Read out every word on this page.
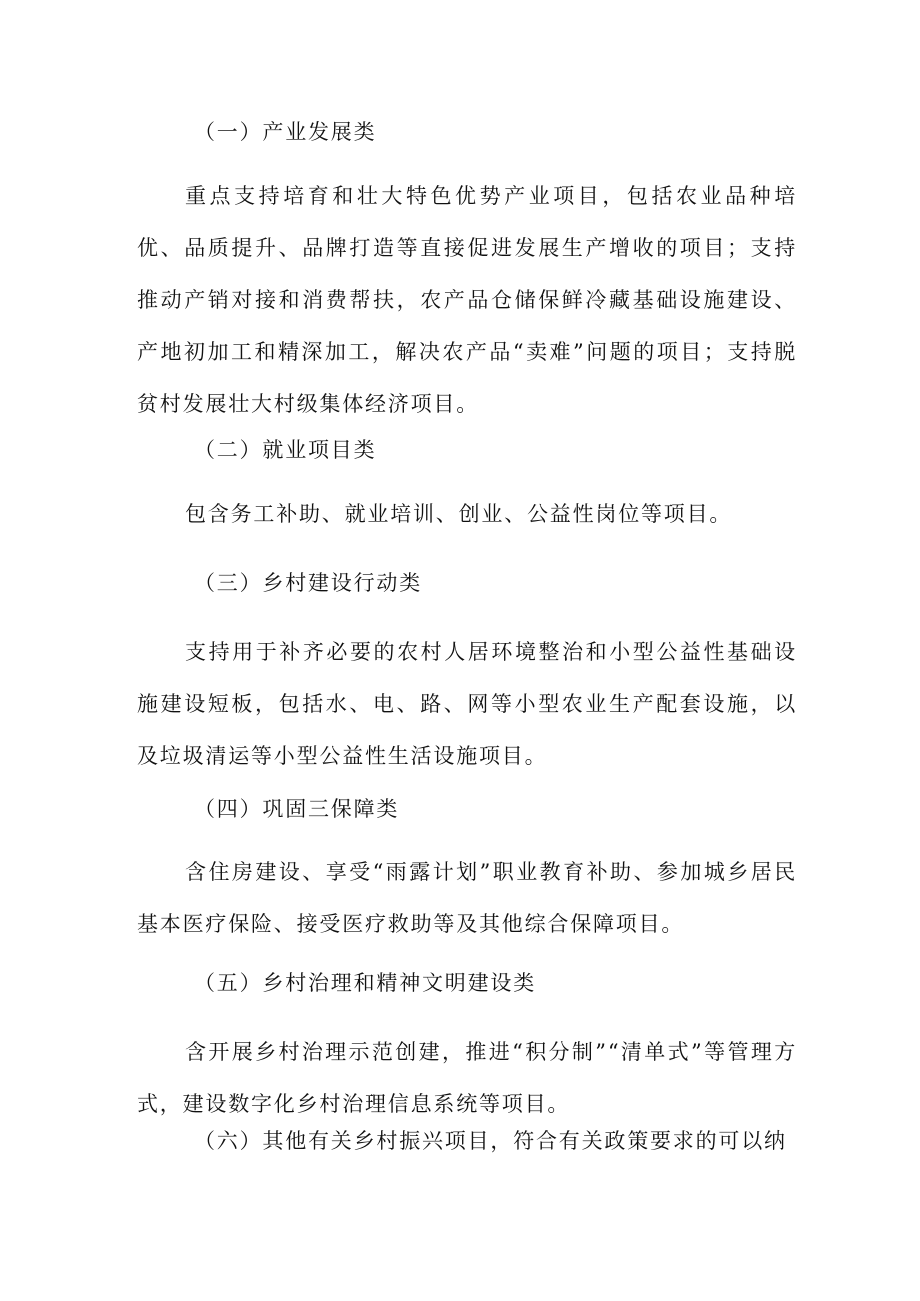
（一）产业发展类

重点支持培育和壮大特色优势产业项目，包括农业品种培优、品质提升、品牌打造等直接促进发展生产增收的项目；支持推动产销对接和消费帮扶，农产品仓储保鲜冷藏基础设施建设、产地初加工和精深加工，解决农产品“卖难”问题的项目；支持脱贫村发展壮大村级集体经济项目。

（二）就业项目类

包含务工补助、就业培训、创业、公益性岗位等项目。

（三）乡村建设行动类

支持用于补齐必要的农村人居环境整治和小型公益性基础设施建设短板，包括水、电、路、网等小型农业生产配套设施，以及垃圾清运等小型公益性生活设施项目。

（四）巩固三保障类

含住房建设、享受“雨露计划”职业教育补助、参加城乡居民基本医疗保险、接受医疗救助等及其他综合保障项目。

（五）乡村治理和精神文明建设类

含开展乡村治理示范创建，推进“积分制”“清单式”等管理方式，建设数字化乡村治理信息系统等项目。

（六）其他有关乡村振兴项目，符合有关政策要求的可以纳
